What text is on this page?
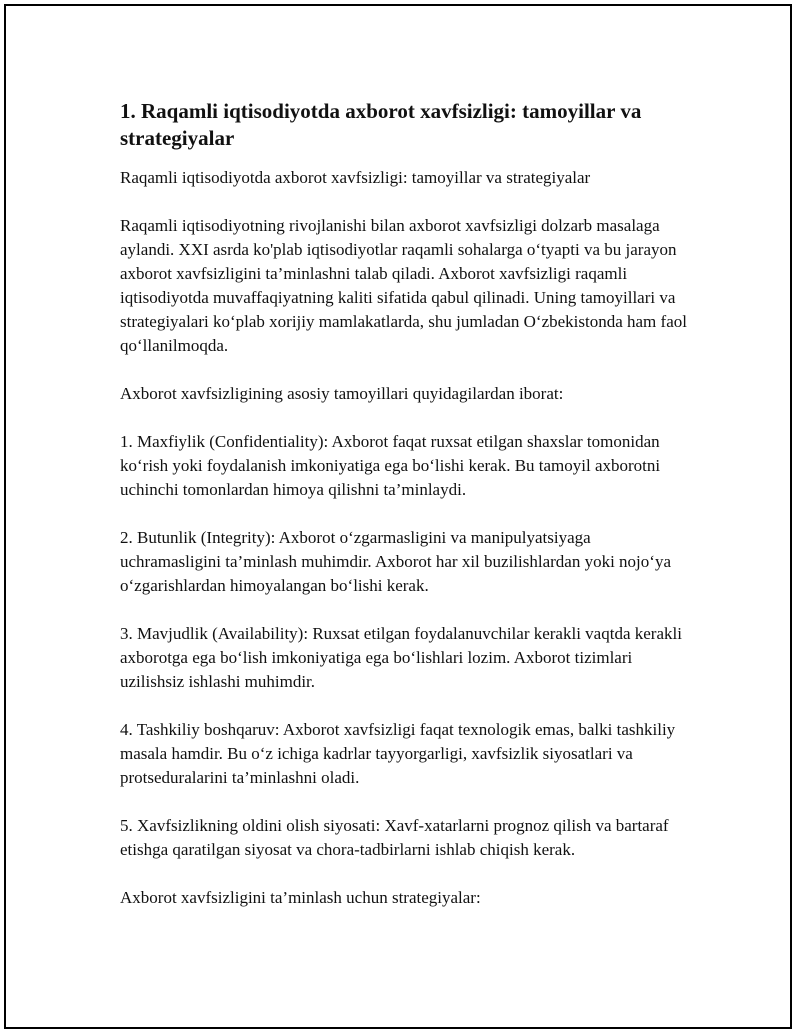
1. Raqamli iqtisodiyotda axborot xavfsizligi: tamoyillar va strategiyalar

Raqamli iqtisodiyotda axborot xavfsizligi: tamoyillar va strategiyalar

Raqamli iqtisodiyotning rivojlanishi bilan axborot xavfsizligi dolzarb masalaga aylandi. XXI asrda ko'plab iqtisodiyotlar raqamli sohalarga o‘tyapti va bu jarayon axborot xavfsizligini ta’minlashni talab qiladi. Axborot xavfsizligi raqamli iqtisodiyotda muvaffaqiyatning kaliti sifatida qabul qilinadi. Uning tamoyillari va strategiyalari ko‘plab xorijiy mamlakatlarda, shu jumladan O‘zbekistonda ham faol qo‘llanilmoqda.

Axborot xavfsizligining asosiy tamoyillari quyidagilardan iborat:

1. Maxfiylik (Confidentiality): Axborot faqat ruxsat etilgan shaxslar tomonidan ko‘rish yoki foydalanish imkoniyatiga ega bo‘lishi kerak. Bu tamoyil axborotni uchinchi tomonlardan himoya qilishni ta’minlaydi.

2. Butunlik (Integrity): Axborot o‘zgarmasligini va manipulyatsiyaga uchramasligini ta’minlash muhimdir. Axborot har xil buzilishlardan yoki nojo‘ya o‘zgarishlardan himoyalangan bo‘lishi kerak.

3. Mavjudlik (Availability): Ruxsat etilgan foydalanuvchilar kerakli vaqtda kerakli axborotga ega bo‘lish imkoniyatiga ega bo‘lishlari lozim. Axborot tizimlari uzilishsiz ishlashi muhimdir.

4. Tashkiliy boshqaruv: Axborot xavfsizligi faqat texnologik emas, balki tashkiliy masala hamdir. Bu o‘z ichiga kadrlar tayyorgarligi, xavfsizlik siyosatlari va protseduralarini ta’minlashni oladi.

5. Xavfsizlikning oldini olish siyosati: Xavf-xatarlarni prognoz qilish va bartaraf etishga qaratilgan siyosat va chora-tadbirlarni ishlab chiqish kerak.

Axborot xavfsizligini ta’minlash uchun strategiyalar:
